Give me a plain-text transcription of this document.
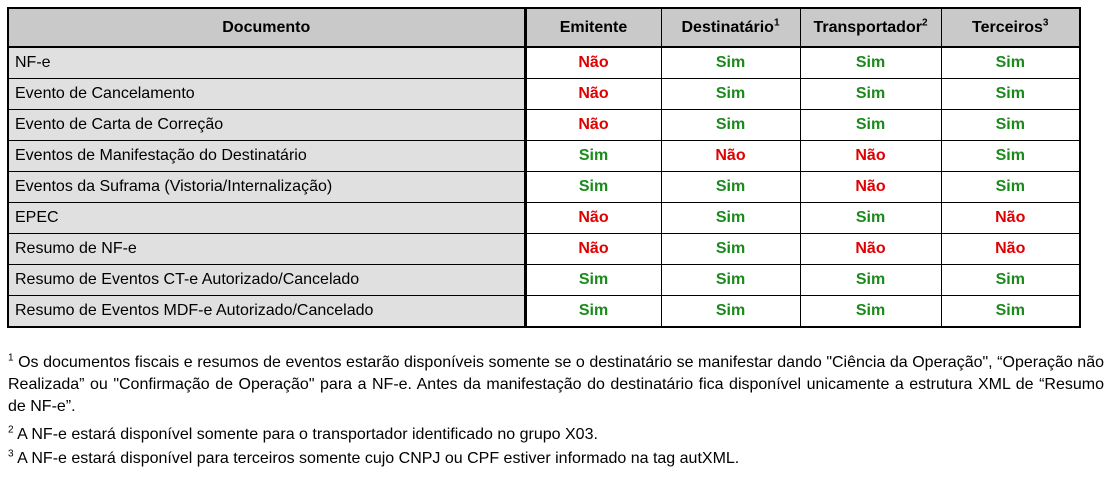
Documento	Emitente	Destinatário$^1$	Transportador$^2$	Terceiros$^3$
NF-e	Não	Sim	Sim	Sim
Evento de Cancelamento	Não	Sim	Sim	Sim
Evento de Carta de Correção	Não	Sim	Sim	Sim
Eventos de Manifestação do Destinatário	Sim	Não	Não	Sim
Eventos da Suframa (Vistoria/Internalização)	Sim	Sim	Não	Sim
EPEC	Não	Sim	Sim	Não
Resumo de NF-e	Não	Sim	Não	Não
Resumo de Eventos CT-e Autorizado/Cancelado	Sim	Sim	Sim	Sim
Resumo de Eventos MDF-e Autorizado/Cancelado	Sim	Sim	Sim	Sim

$^1$ Os documentos fiscais e resumos de eventos estarão disponíveis somente se o destinatário se manifestar dando "Ciência da Operação", “Operação não Realizada” ou "Confirmação de Operação" para a NF-e. Antes da manifestação do destinatário fica disponível unicamente a estrutura XML de “Resumo de NF-e”.

$^2$ A NF-e estará disponível somente para o transportador identificado no grupo X03.

$^3$ A NF-e estará disponível para terceiros somente cujo CNPJ ou CPF estiver informado na tag autXML.
